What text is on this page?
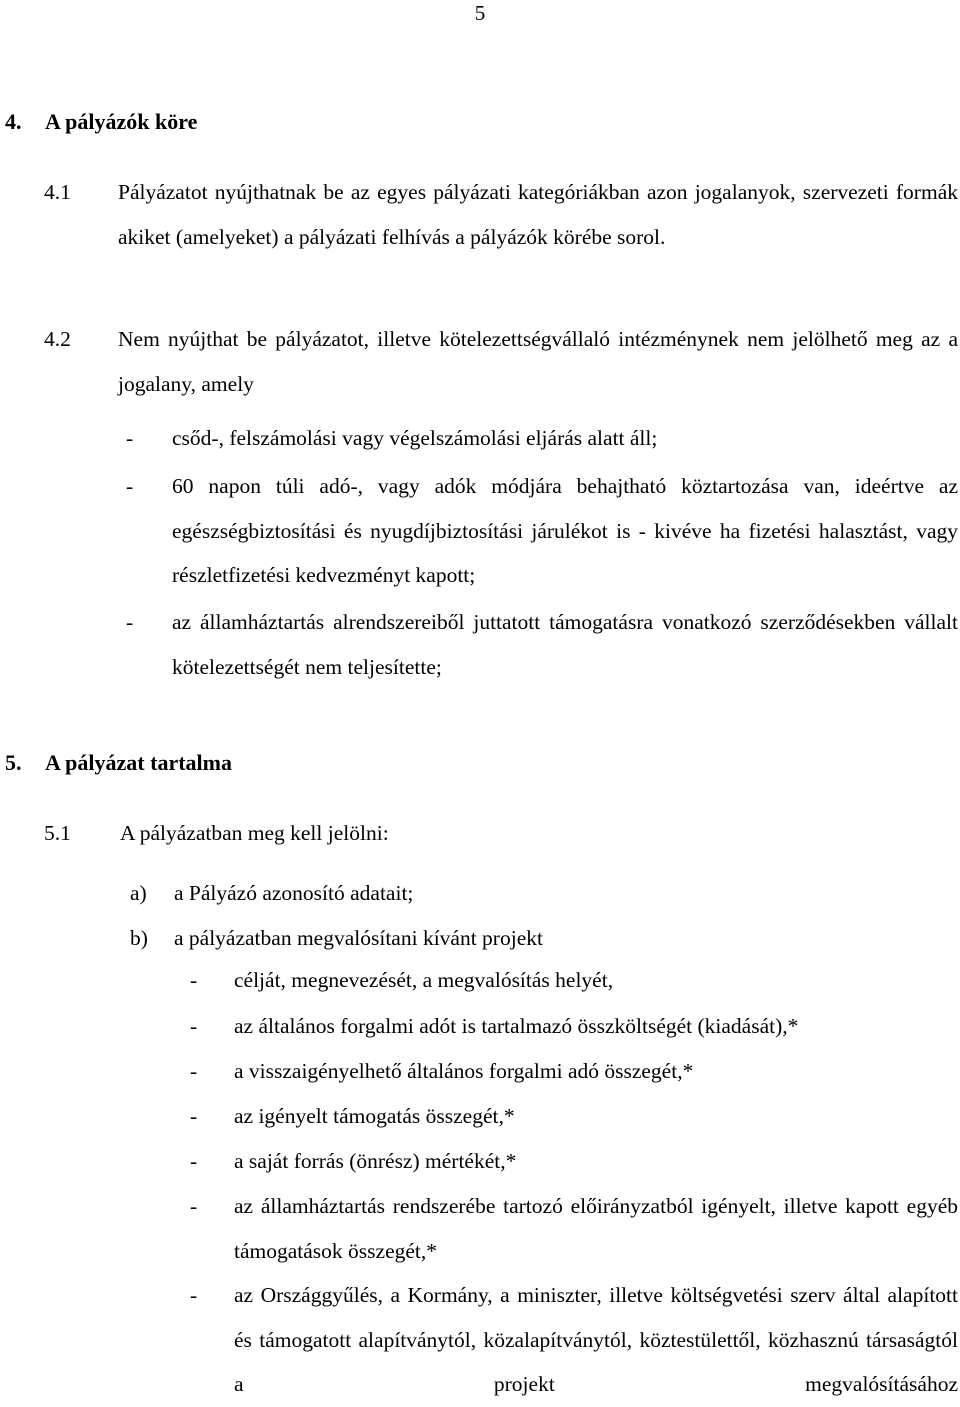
5
4. A pályázók köre
4.1 Pályázatot nyújthatnak be az egyes pályázati kategóriákban azon jogalanyok, szervezeti formák akiket (amelyeket) a pályázati felhívás a pályázók körébe sorol.
4.2 Nem nyújthat be pályázatot, illetve kötelezettségvállaló intézménynek nem jelölhető meg az a jogalany, amely
- csőd-, felszámolási vagy végelszámolási eljárás alatt áll;
- 60 napon túli adó-, vagy adók módjára behajtható köztartozása van, ideértve az egészségbiztosítási és nyugdíjbiztosítási járulékot is - kivéve ha fizetési halasztást, vagy részletfizetési kedvezményt kapott;
- az államháztartás alrendszereiből juttatott támogatásra vonatkozó szerződésekben vállalt kötelezettségét nem teljesítette;
5. A pályázat tartalma
5.1 A pályázatban meg kell jelölni:
a) a Pályázó azonosító adatait;
b) a pályázatban megvalósítani kívánt projekt
- célját, megnevezését, a megvalósítás helyét,
- az általános forgalmi adót is tartalmazó összköltségét (kiadását),*
- a visszaigényelhető általános forgalmi adó összegét,*
- az igényelt támogatás összegét,*
- a saját forrás (önrész) mértékét,*
- az államháztartás rendszerébe tartozó előirányzatból igényelt, illetve kapott egyéb támogatások összegét,*
- az Országgyűlés, a Kormány, a miniszter, illetve költségvetési szerv által alapított és támogatott alapítványtól, közalapítványtól, köztestülettől, közhasznú társaságtól a projekt megvalósításához
